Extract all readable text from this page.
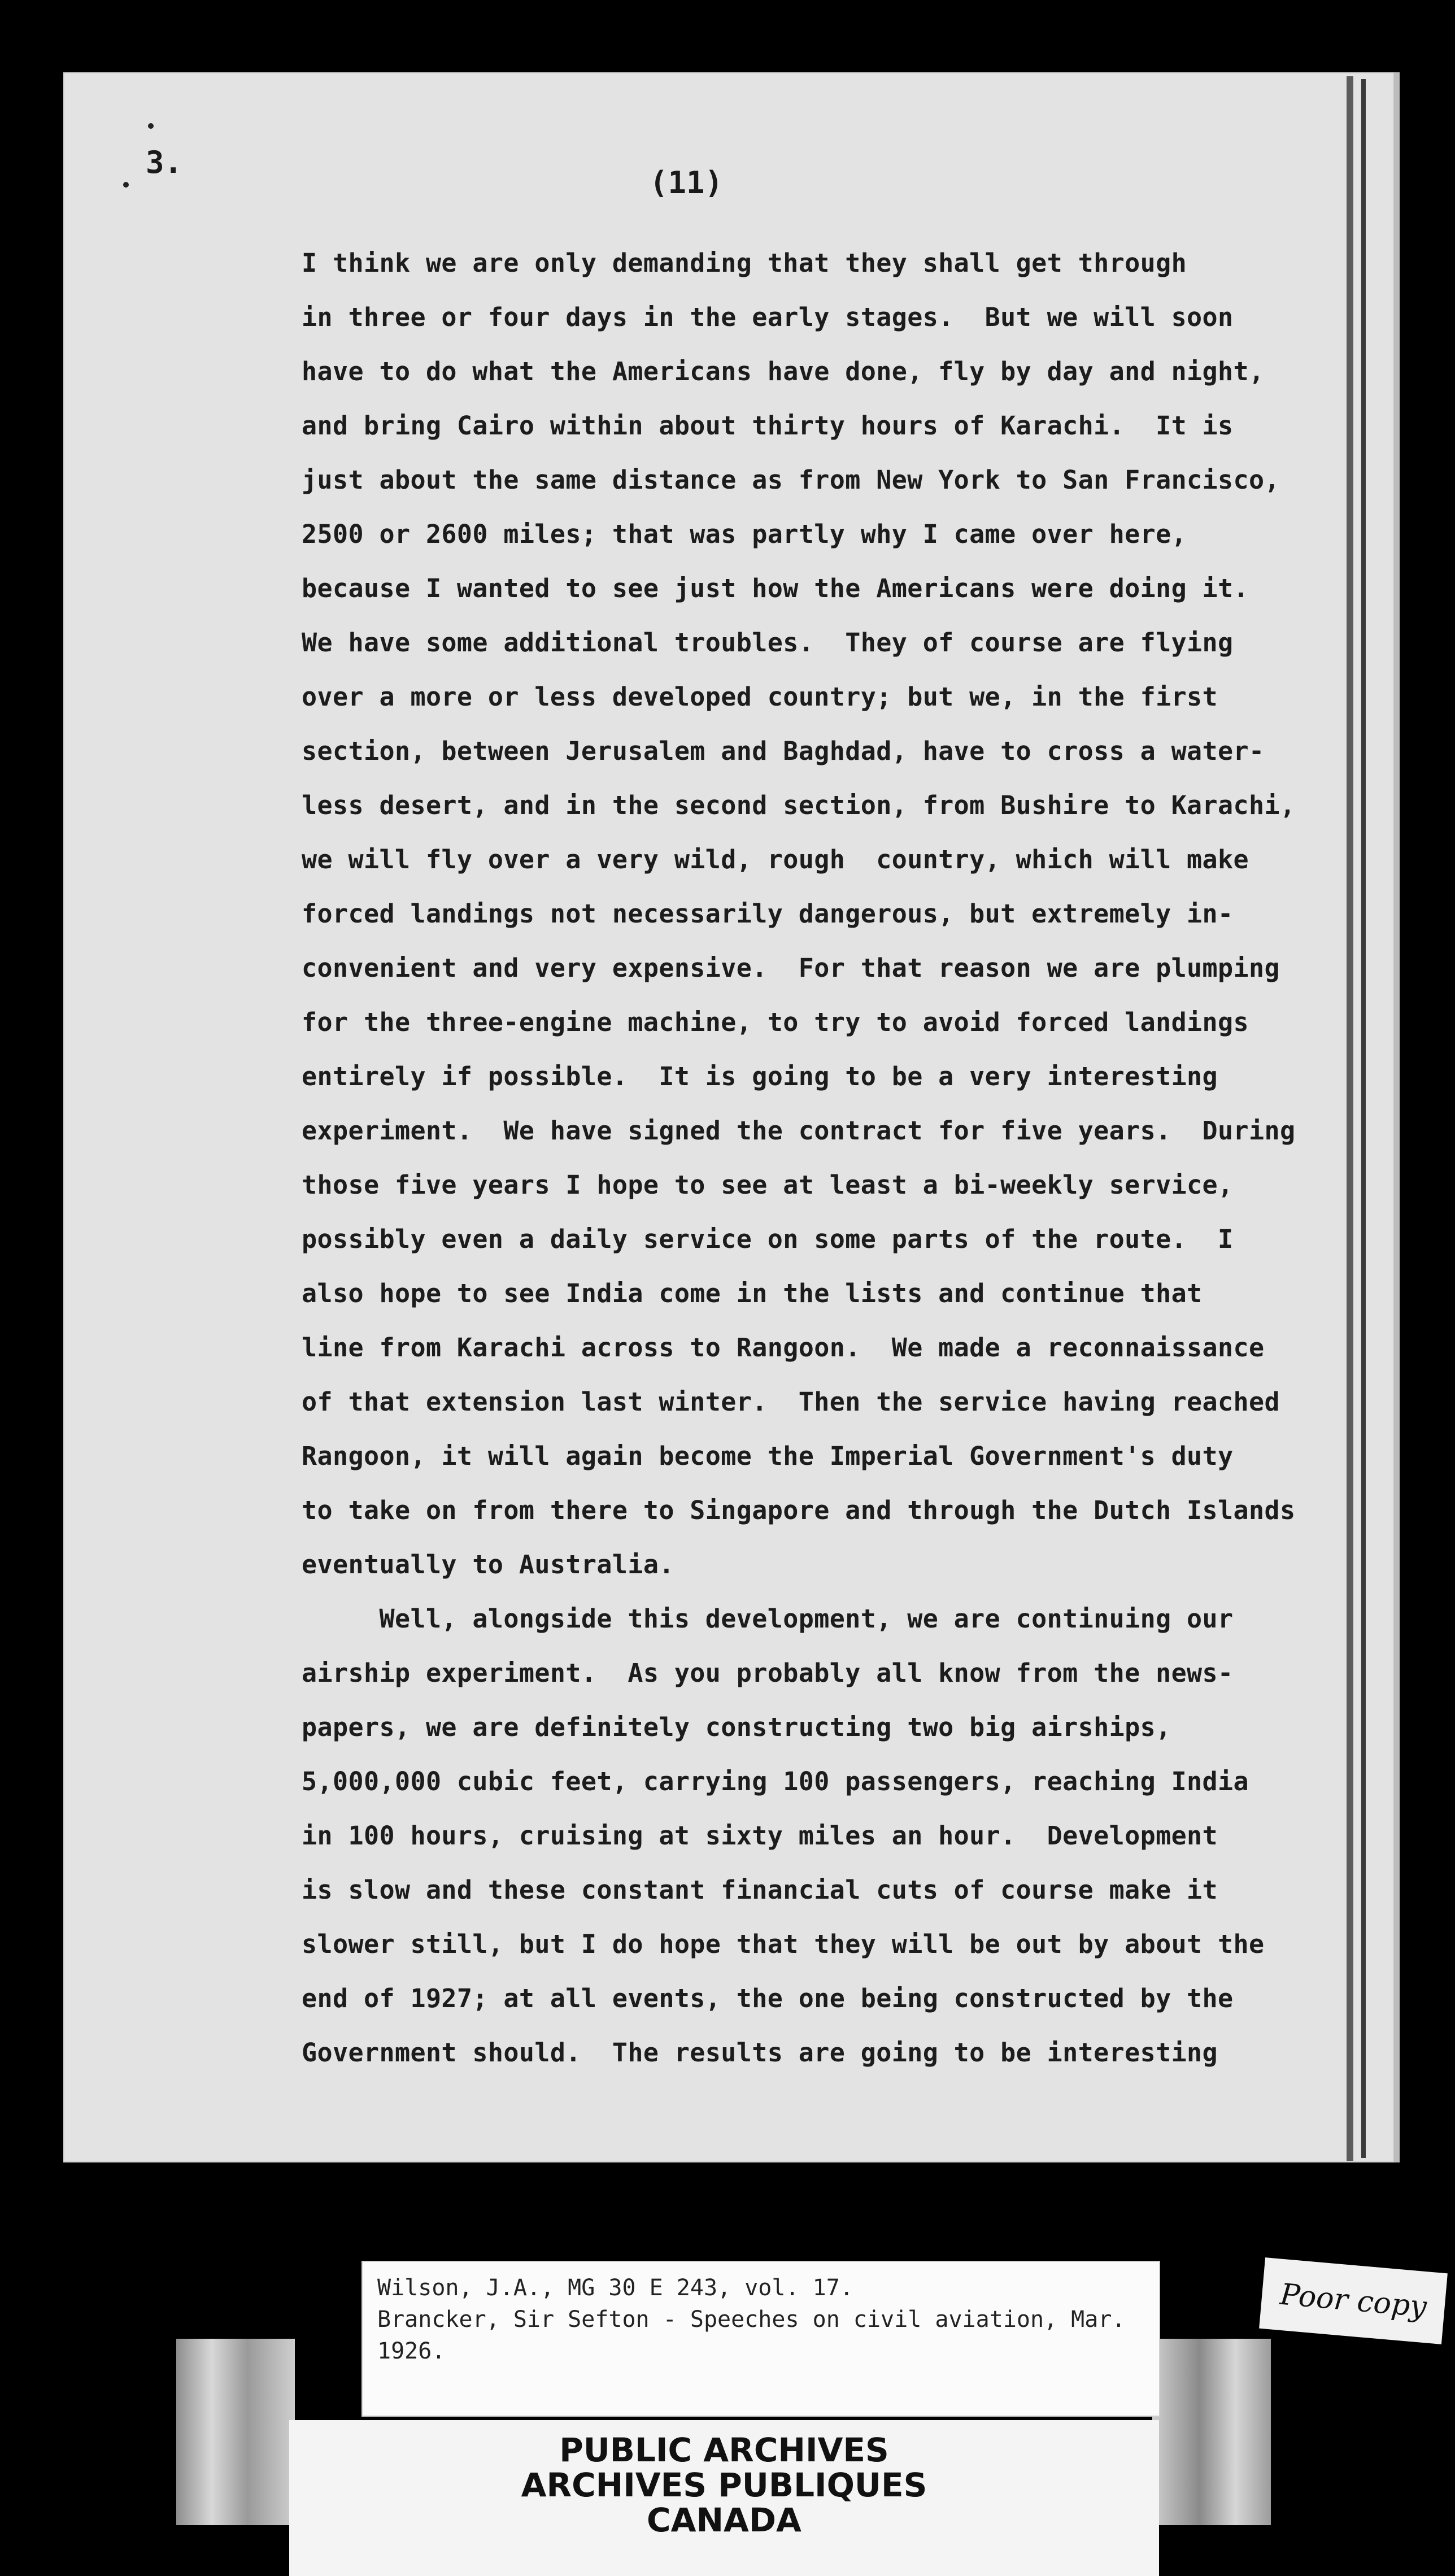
3.
(11)
I think we are only demanding that they shall get through
in three or four days in the early stages.  But we will soon
have to do what the Americans have done, fly by day and night,
and bring Cairo within about thirty hours of Karachi.  It is
just about the same distance as from New York to San Francisco,
2500 or 2600 miles; that was partly why I came over here,
because I wanted to see just how the Americans were doing it.
We have some additional troubles.  They of course are flying
over a more or less developed country; but we, in the first
section, between Jerusalem and Baghdad, have to cross a water-
less desert, and in the second section, from Bushire to Karachi,
we will fly over a very wild, rough  country, which will make
forced landings not necessarily dangerous, but extremely in-
convenient and very expensive.  For that reason we are plumping
for the three-engine machine, to try to avoid forced landings
entirely if possible.  It is going to be a very interesting
experiment.  We have signed the contract for five years.  During
those five years I hope to see at least a bi-weekly service,
possibly even a daily service on some parts of the route.  I
also hope to see India come in the lists and continue that
line from Karachi across to Rangoon.  We made a reconnaissance
of that extension last winter.  Then the service having reached
Rangoon, it will again become the Imperial Government's duty
to take on from there to Singapore and through the Dutch Islands
eventually to Australia.
Well, alongside this development, we are continuing our
airship experiment.  As you probably all know from the news-
papers, we are definitely constructing two big airships,
5,000,000 cubic feet, carrying 100 passengers, reaching India
in 100 hours, cruising at sixty miles an hour.  Development
is slow and these constant financial cuts of course make it
slower still, but I do hope that they will be out by about the
end of 1927; at all events, the one being constructed by the
Government should.  The results are going to be interesting
Wilson, J.A., MG 30 E 243, vol. 17.
Brancker, Sir Sefton - Speeches on civil aviation, Mar.
1926.
Poor copy
PUBLIC ARCHIVES
ARCHIVES PUBLIQUES
CANADA
